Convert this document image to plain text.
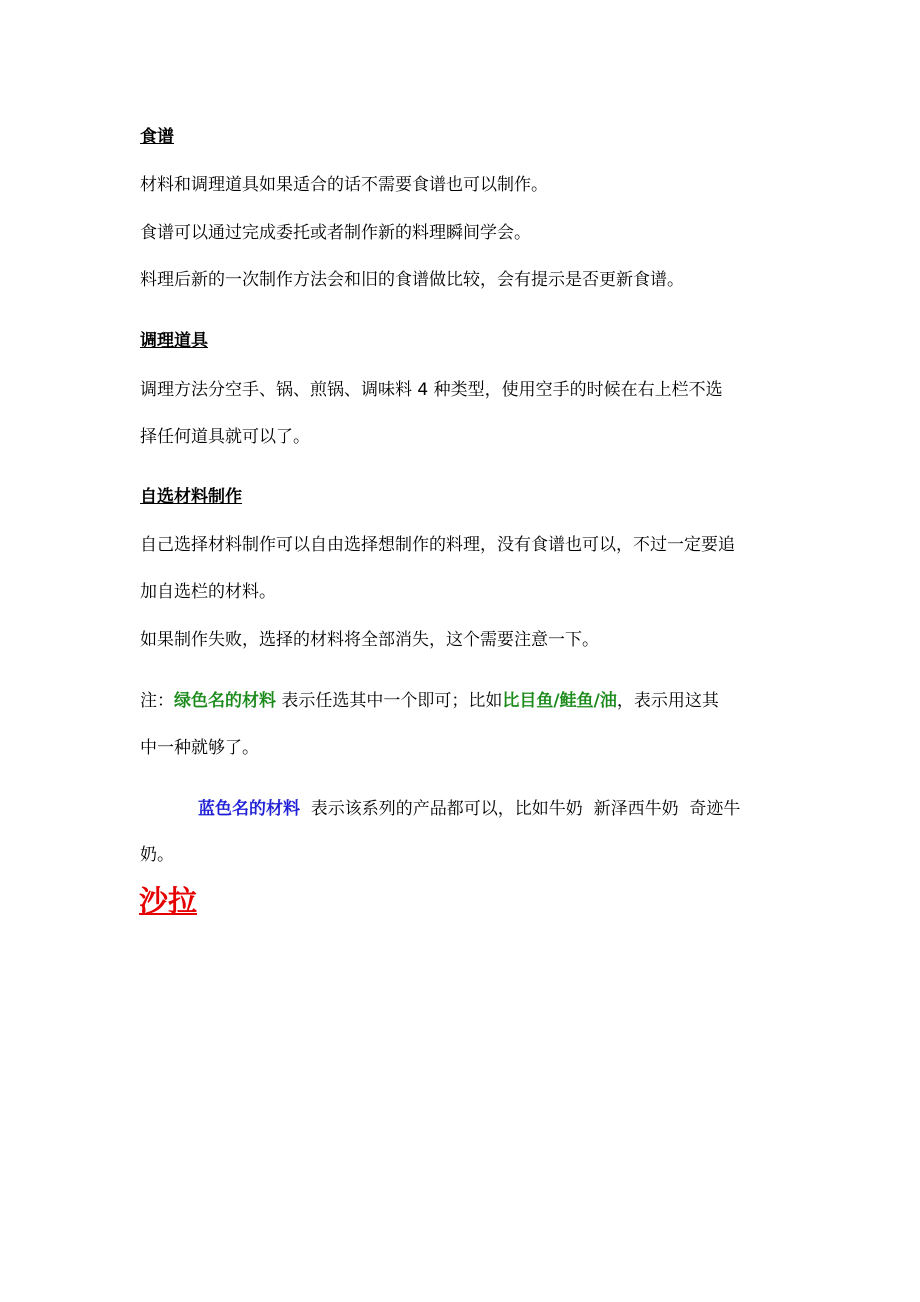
食谱
材料和调理道具如果适合的话不需要食谱也可以制作。
食谱可以通过完成委托或者制作新的料理瞬间学会。
料理后新的一次制作方法会和旧的食谱做比较，会有提示是否更新食谱。
调理道具
调理方法分空手、锅、煎锅、调味料 4 种类型，使用空手的时候在右上栏不选
择任何道具就可以了。
自选材料制作
自己选择材料制作可以自由选择想制作的料理，没有食谱也可以，不过一定要追
加自选栏的材料。
如果制作失败，选择的材料将全部消失，这个需要注意一下。
注：绿色名的材料 表示任选其中一个即可；比如比目鱼/鲑鱼/油，表示用这其
中一种就够了。
蓝色名的材料  表示该系列的产品都可以，比如牛奶  新泽西牛奶  奇迹牛
奶。
沙拉
